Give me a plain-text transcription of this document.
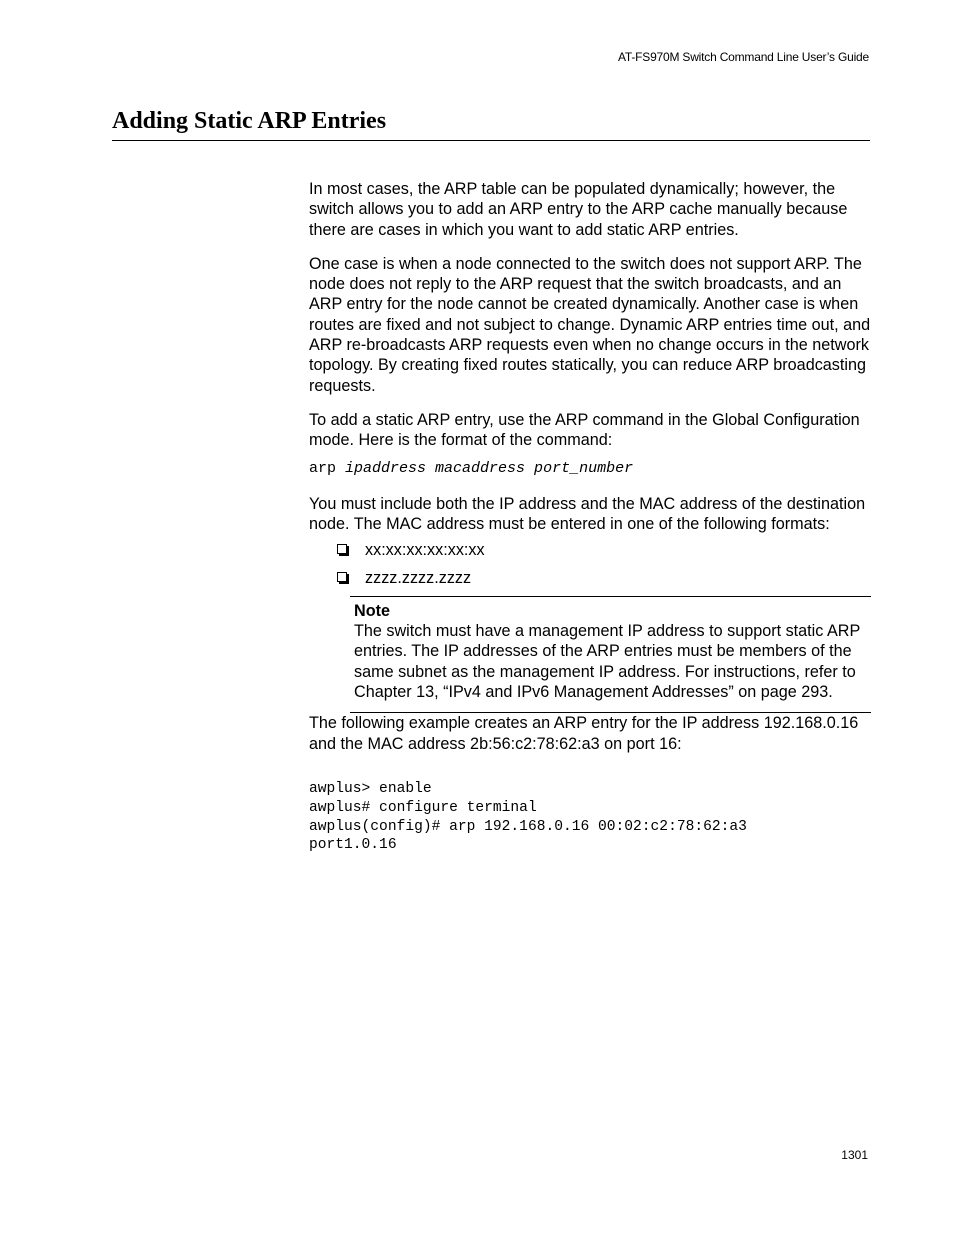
AT-FS970M Switch Command Line User’s Guide
Adding Static ARP Entries

In most cases, the ARP table can be populated dynamically; however, the switch allows you to add an ARP entry to the ARP cache manually because there are cases in which you want to add static ARP entries.

One case is when a node connected to the switch does not support ARP. The node does not reply to the ARP request that the switch broadcasts, and an ARP entry for the node cannot be created dynamically. Another case is when routes are fixed and not subject to change. Dynamic ARP entries time out, and ARP re-broadcasts ARP requests even when no change occurs in the network topology. By creating fixed routes statically, you can reduce ARP broadcasting requests.

To add a static ARP entry, use the ARP command in the Global Configuration mode. Here is the format of the command:

arp ipaddress macaddress port_number

You must include both the IP address and the MAC address of the destination node. The MAC address must be entered in one of the following formats:

xx:xx:xx:xx:xx:xx
zzzz.zzzz.zzzz
Note
The switch must have a management IP address to support static ARP entries. The IP addresses of the ARP entries must be members of the same subnet as the management IP address. For instructions, refer to Chapter 13, “IPv4 and IPv6 Management Addresses” on page 293.

The following example creates an ARP entry for the IP address 192.168.0.16 and the MAC address 2b:56:c2:78:62:a3 on port 16:

awplus> enable
awplus# configure terminal
awplus(config)# arp 192.168.0.16 00:02:c2:78:62:a3
port1.0.16
1301
